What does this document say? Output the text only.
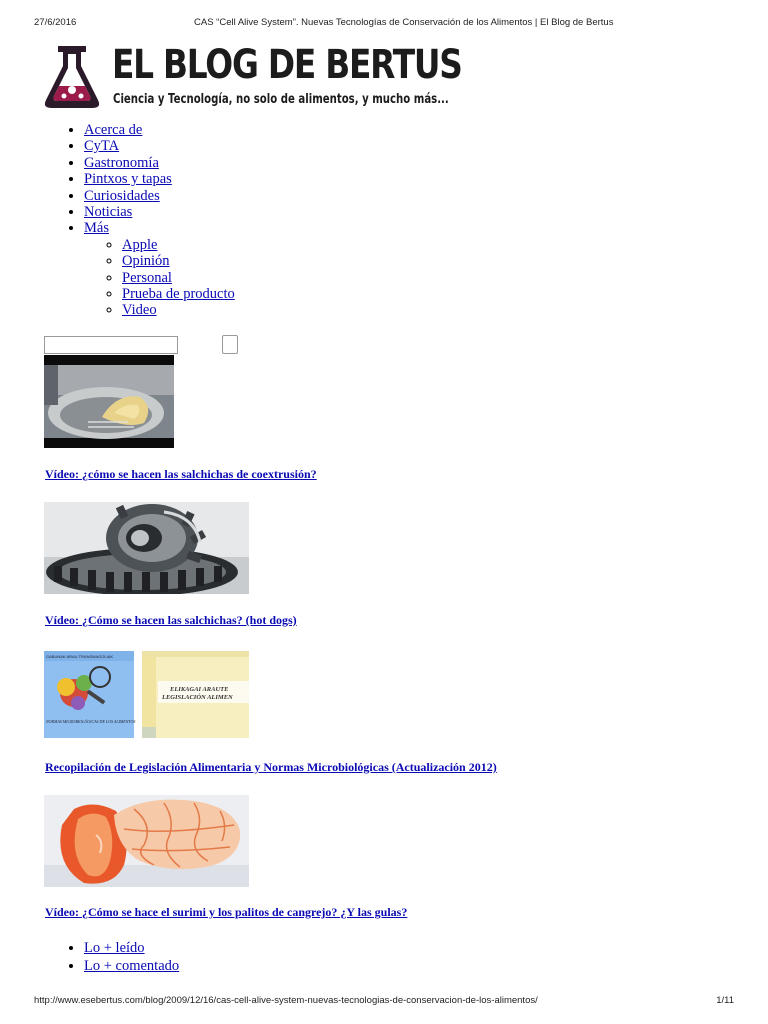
27/6/2016	CAS “Cell Alive System”. Nuevas Tecnologías de Conservación de los Alimentos | El Blog de Bertus
EL BLOG DE BERTUS
Ciencia y Tecnología, no solo de alimentos, y mucho más...
• Acerca de
• CyTA
• Gastronomía
• Pintxos y tapas
• Curiosidades
• Noticias
• Más
◦ Apple
◦ Opinión
◦ Personal
◦ Prueba de producto
◦ Video
Vídeo: ¿cómo se hacen las salchichas de coextrusión?
Vídeo: ¿Cómo se hacen las salchichas? (hot dogs)
GABUNAK ARAU TRANSMAGOLIAK
NORMAS MICROBIOLÓGICAS DE LOS ALIMENTOS
ELIKAGAI ARAUTE
LEGISLACIÓN ALIMEN
Recopilación de Legislación Alimentaria y Normas Microbiológicas (Actualización 2012)
Vídeo: ¿Cómo se hace el surimi y los palitos de cangrejo? ¿Y las gulas?
• Lo + leído
• Lo + comentado
http://www.esebertus.com/blog/2009/12/16/cas-cell-alive-system-nuevas-tecnologias-de-conservacion-de-los-alimentos/	1/11
